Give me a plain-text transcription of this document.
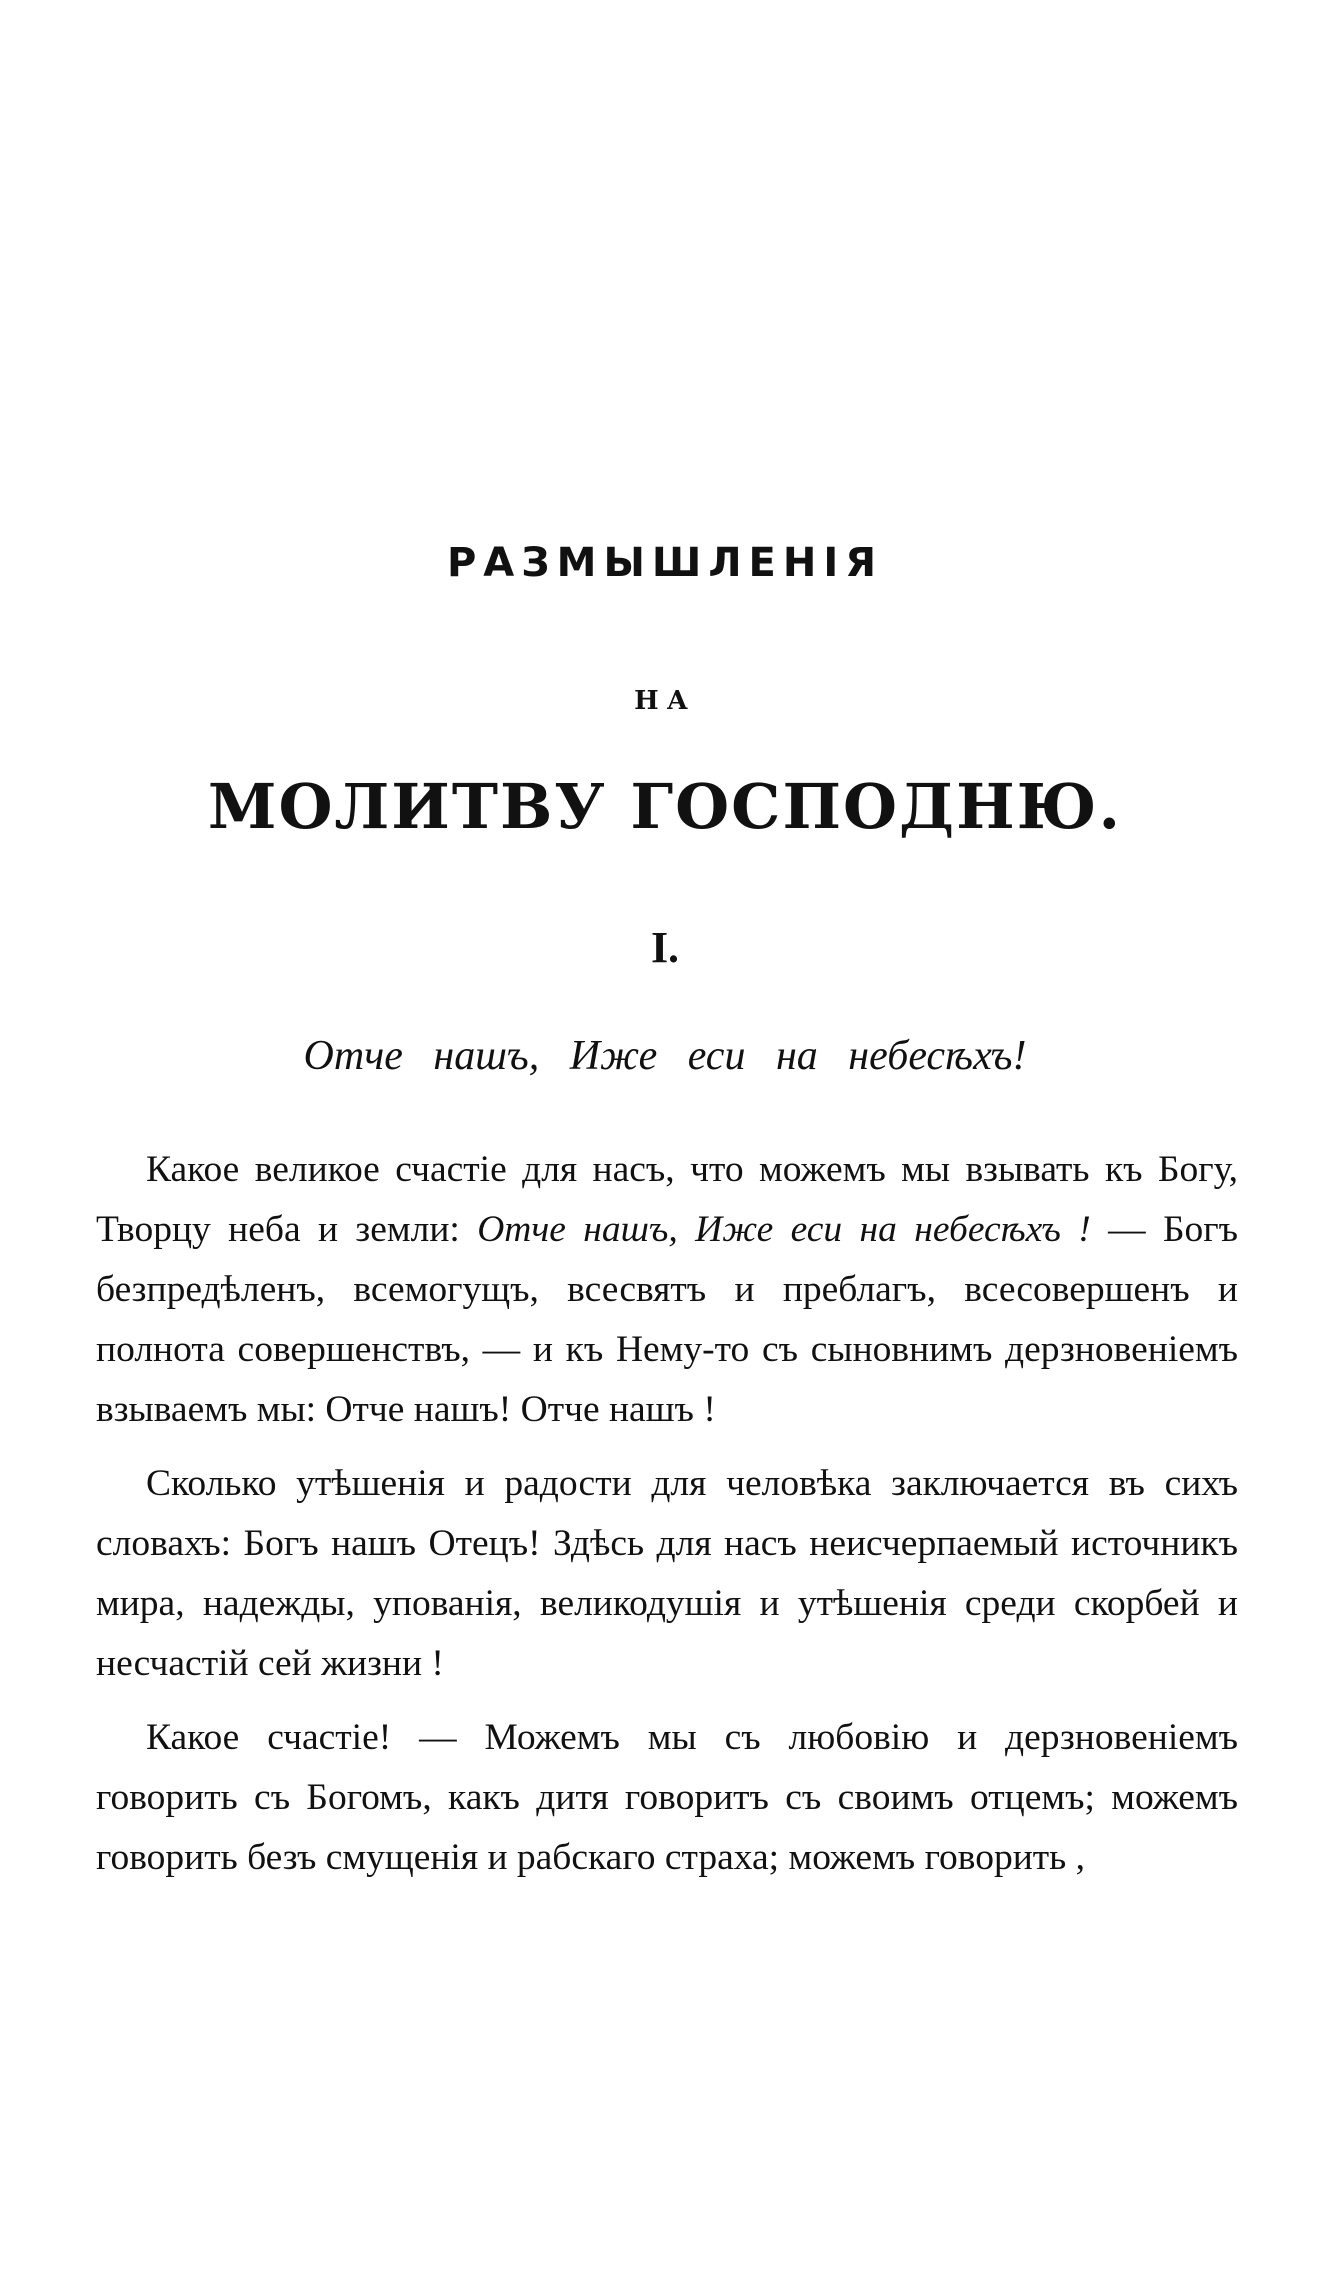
РАЗМЫШЛЕНІЯ
НА
МОЛИТВУ ГОСПОДНЮ.
I.
Отче нашъ, Иже еси на небесѣхъ!

Какое великое счастіе для насъ, что можемъ мы взывать къ Богу, Творцу неба и земли: Отче нашъ, Иже еси на небесѣхъ ! — Богъ безпредѣленъ, всемогущъ, всесвятъ и преблагъ, всесовершенъ и полнота совершенствъ, — и къ Нему-то съ сыновнимъ дерзновеніемъ взываемъ мы: Отче нашъ! Отче нашъ !

Сколько утѣшенія и радости для человѣка заключается въ сихъ словахъ: Богъ нашъ Отецъ! Здѣсь для насъ неисчерпаемый источникъ мира, надежды, упованія, великодушія и утѣшенія среди скорбей и несчастій сей жизни !

Какое счастіе! — Можемъ мы съ любовію и дерзновеніемъ говорить съ Богомъ, какъ дитя говоритъ съ своимъ отцемъ; можемъ говорить безъ смущенія и рабскаго страха; можемъ говорить ,
